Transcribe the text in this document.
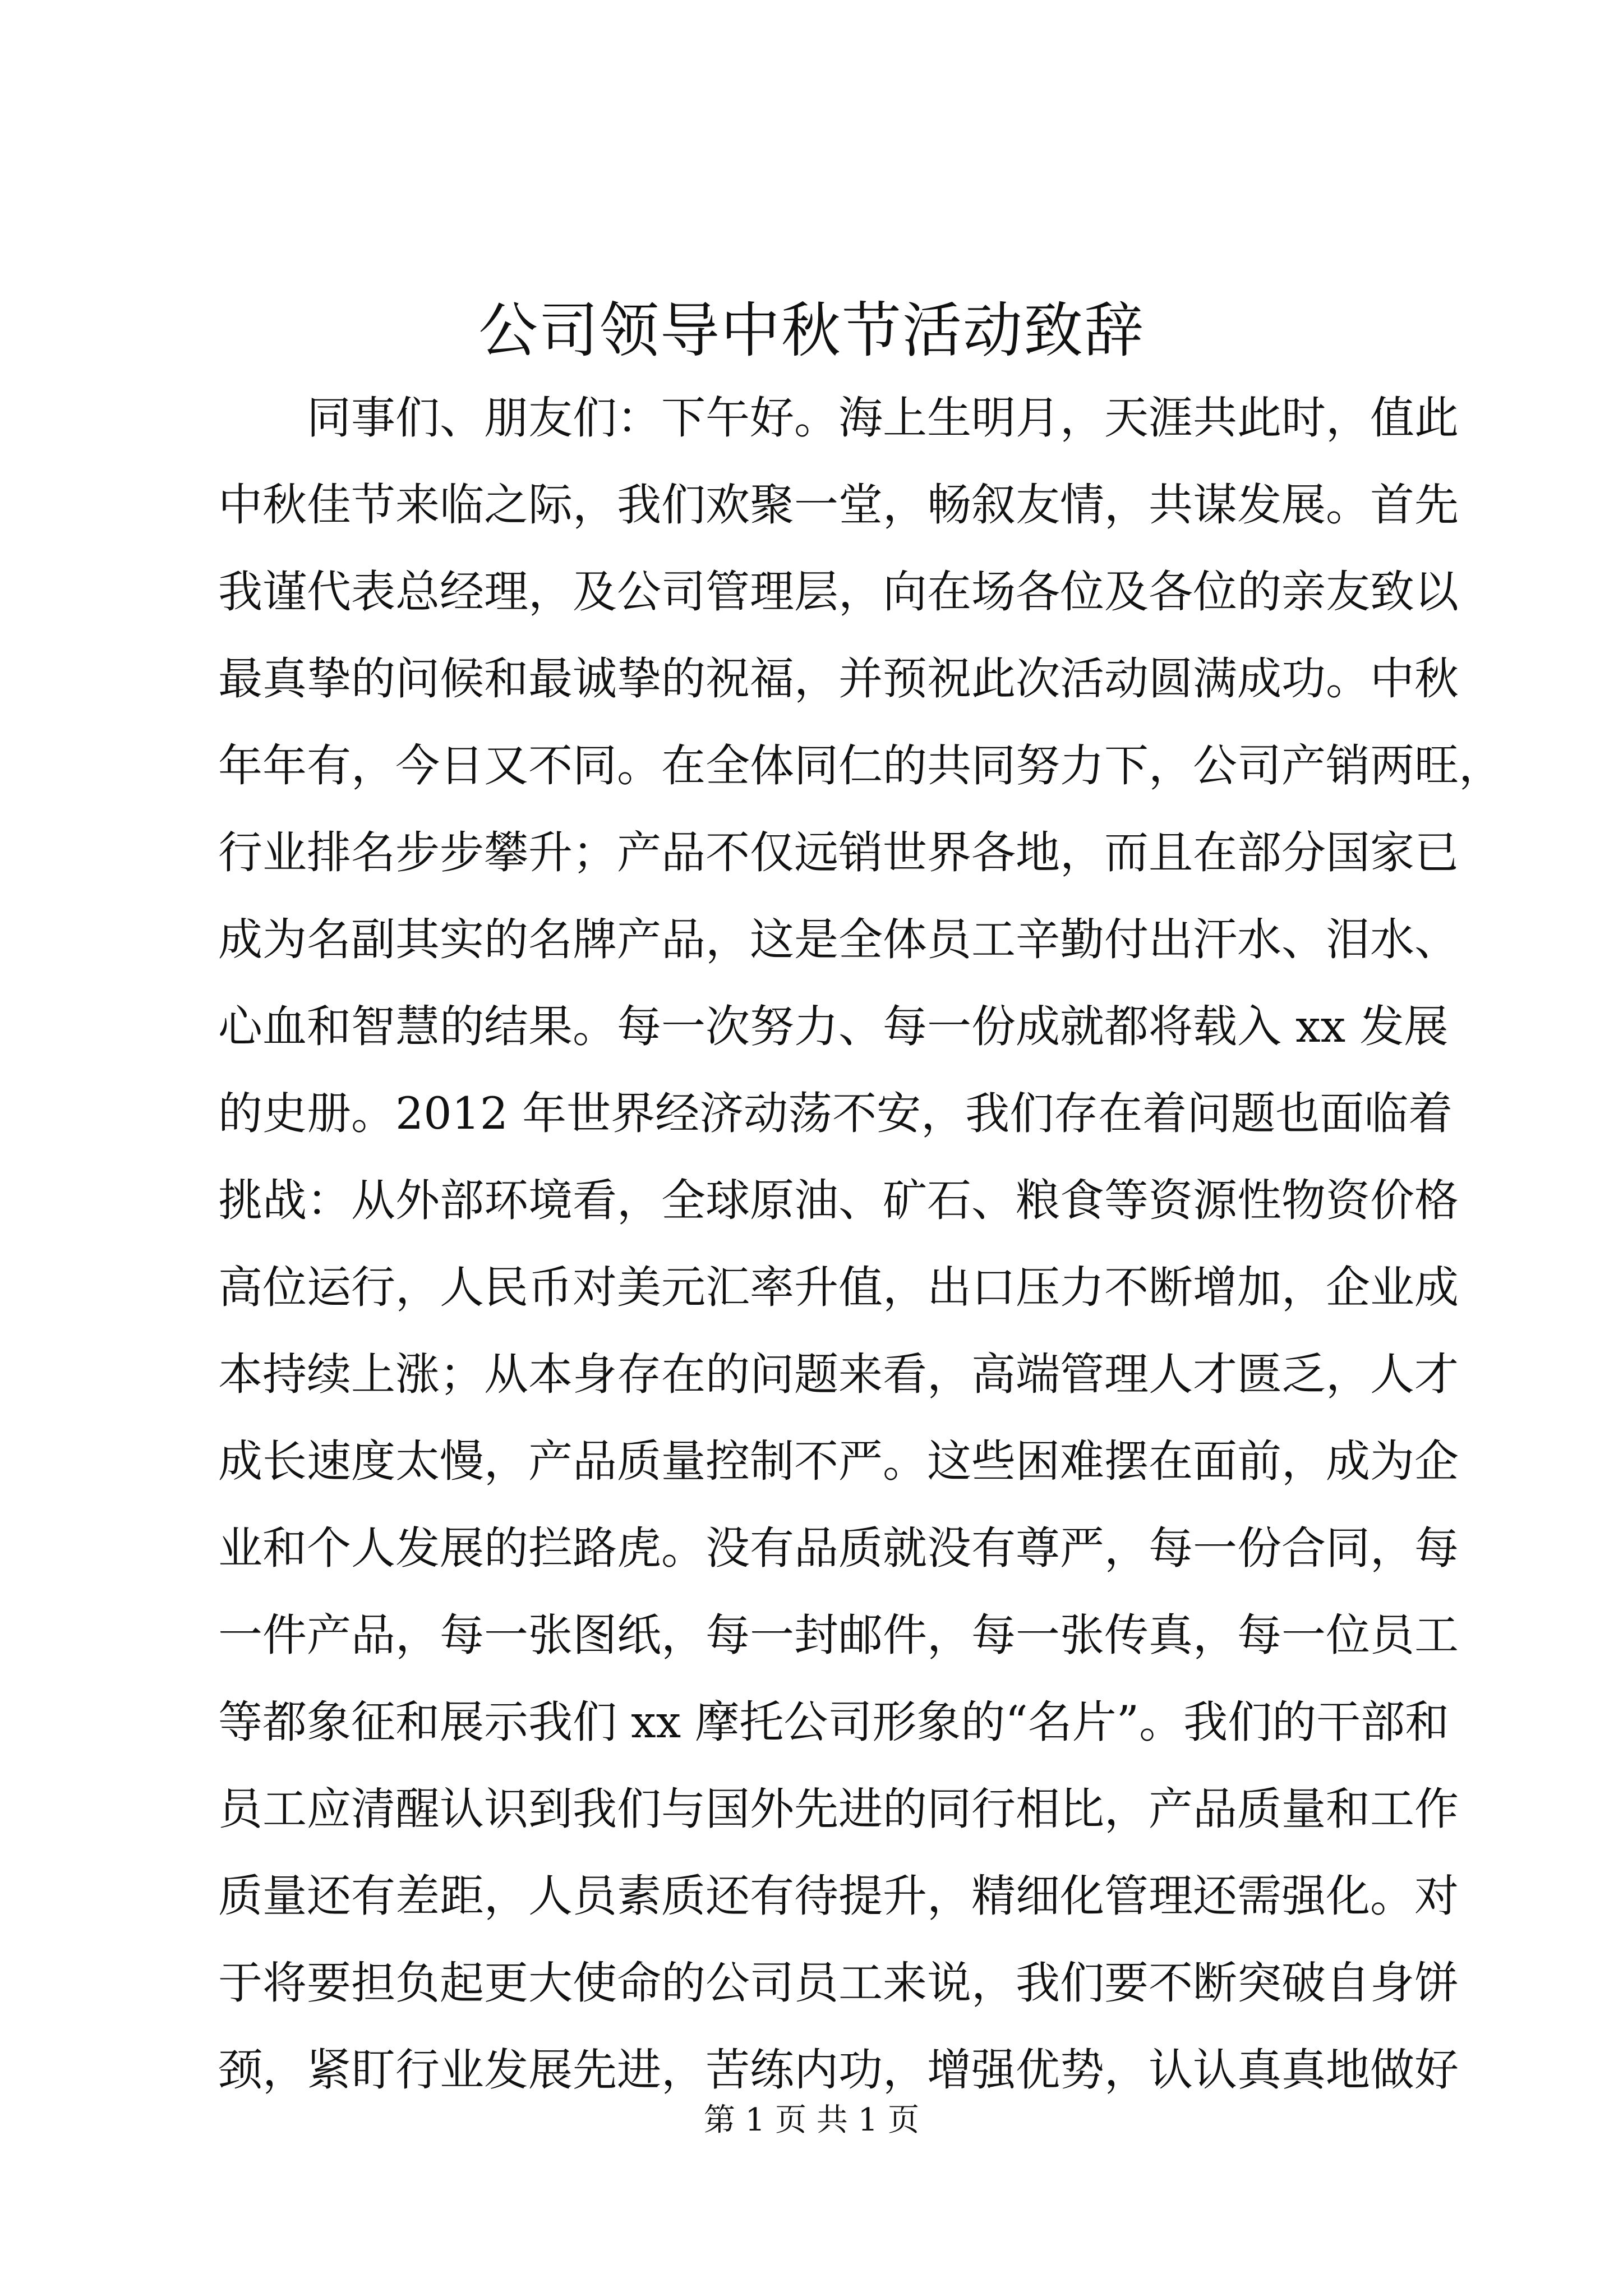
公司领导中秋节活动致辞
同事们、朋友们：下午好。海上生明月，天涯共此时，值此
中秋佳节来临之际，我们欢聚一堂，畅叙友情，共谋发展。首先
我谨代表总经理，及公司管理层，向在场各位及各位的亲友致以
最真挚的问候和最诚挚的祝福，并预祝此次活动圆满成功。中秋
年年有，今日又不同。在全体同仁的共同努力下，公司产销两旺，
行业排名步步攀升；产品不仅远销世界各地，而且在部分国家已
成为名副其实的名牌产品，这是全体员工辛勤付出汗水、泪水、
心血和智慧的结果。每一次努力、每一份成就都将载入 xx 发展
的史册。2012 年世界经济动荡不安，我们存在着问题也面临着
挑战：从外部环境看，全球原油、矿石、粮食等资源性物资价格
高位运行，人民币对美元汇率升值，出口压力不断增加，企业成
本持续上涨；从本身存在的问题来看，高端管理人才匮乏，人才
成长速度太慢，产品质量控制不严。这些困难摆在面前，成为企
业和个人发展的拦路虎。没有品质就没有尊严，每一份合同，每
一件产品，每一张图纸，每一封邮件，每一张传真，每一位员工
等都象征和展示我们 xx 摩托公司形象的“名片”。我们的干部和
员工应清醒认识到我们与国外先进的同行相比，产品质量和工作
质量还有差距，人员素质还有待提升，精细化管理还需强化。对
于将要担负起更大使命的公司员工来说，我们要不断突破自身饼
颈，紧盯行业发展先进，苦练内功，增强优势，认认真真地做好
第 1 页 共 1 页
